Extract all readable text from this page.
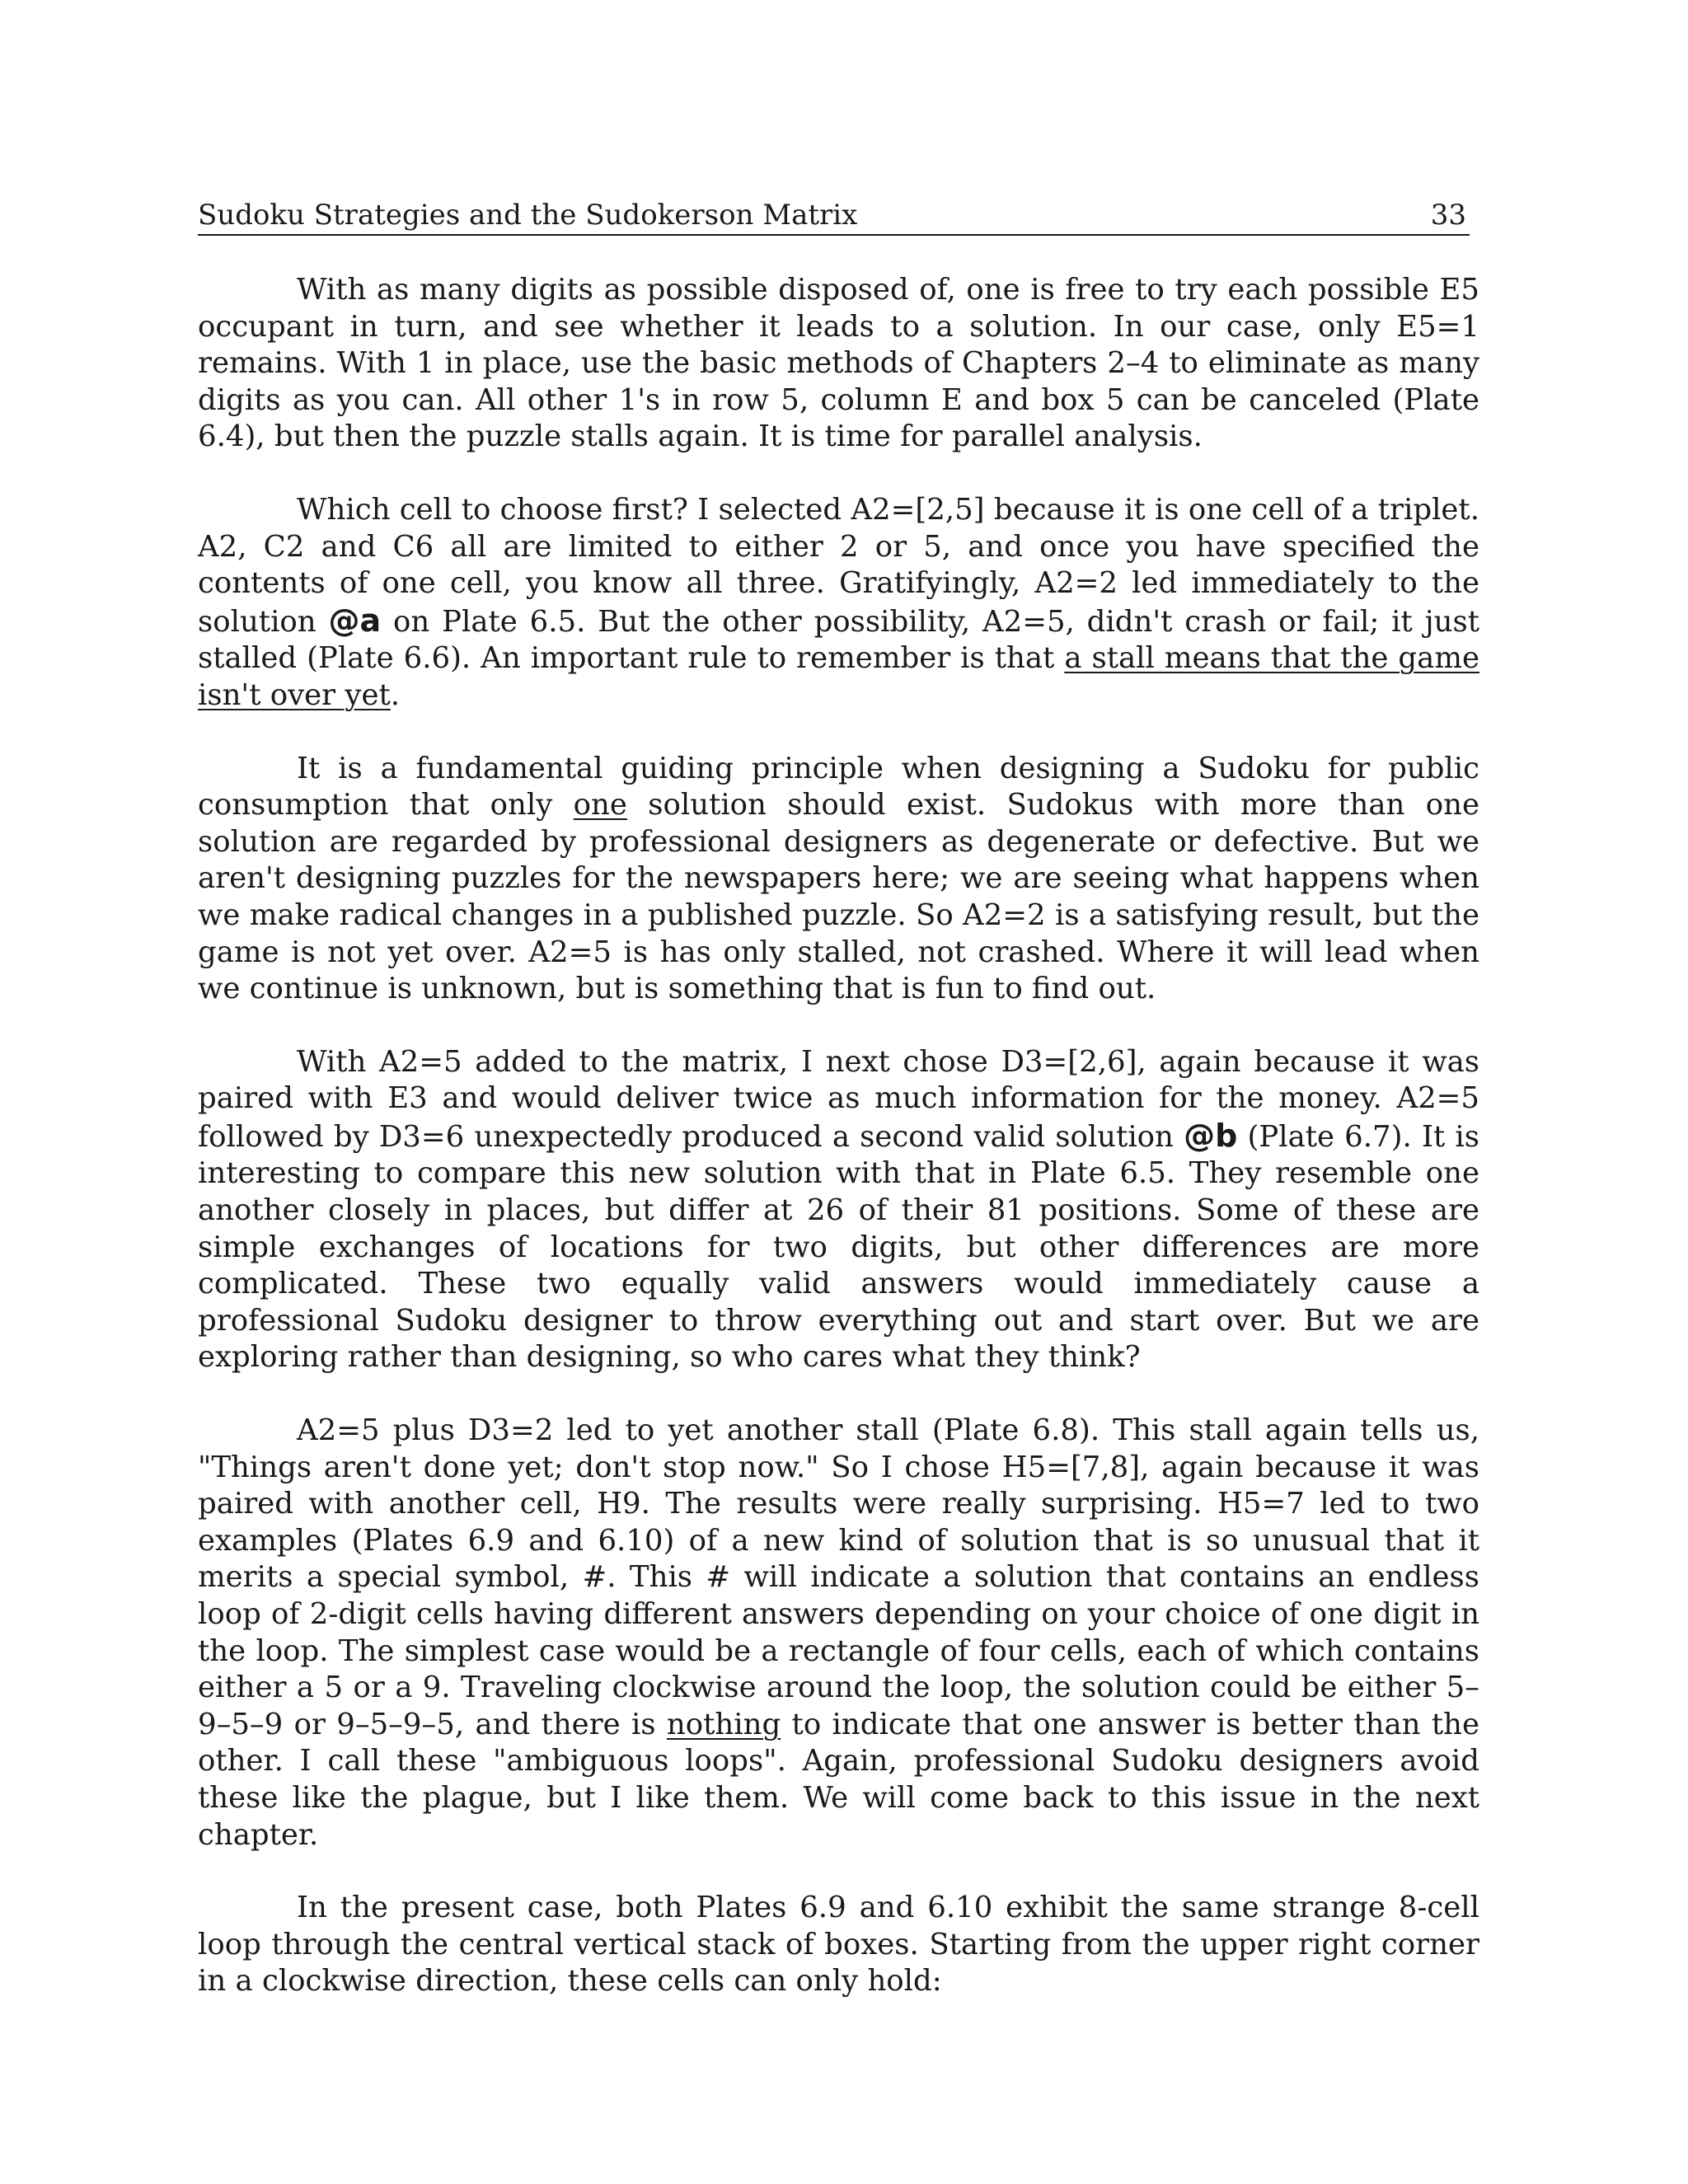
Sudoku Strategies and the Sudokerson Matrix	33

With as many digits as possible disposed of, one is free to try each possible E5 occupant in turn, and see whether it leads to a solution. In our case, only E5=1 remains. With 1 in place, use the basic methods of Chapters 2–4 to eliminate as many digits as you can. All other 1's in row 5, column E and box 5 can be canceled (Plate 6.4), but then the puzzle stalls again. It is time for parallel analysis.

Which cell to choose first? I selected A2=[2,5] because it is one cell of a triplet. A2, C2 and C6 all are limited to either 2 or 5, and once you have specified the contents of one cell, you know all three. Gratifyingly, A2=2 led immediately to the solution @a on Plate 6.5. But the other possibility, A2=5, didn't crash or fail; it just stalled (Plate 6.6). An important rule to remember is that a stall means that the game isn't over yet.

It is a fundamental guiding principle when designing a Sudoku for public consumption that only one solution should exist. Sudokus with more than one solution are regarded by professional designers as degenerate or defective. But we aren't designing puzzles for the newspapers here; we are seeing what happens when we make radical changes in a published puzzle. So A2=2 is a satisfying result, but the game is not yet over. A2=5 is has only stalled, not crashed. Where it will lead when we continue is unknown, but is something that is fun to find out.

With A2=5 added to the matrix, I next chose D3=[2,6], again because it was paired with E3 and would deliver twice as much information for the money. A2=5 followed by D3=6 unexpectedly produced a second valid solution @b (Plate 6.7). It is interesting to compare this new solution with that in Plate 6.5. They resemble one another closely in places, but differ at 26 of their 81 positions. Some of these are simple exchanges of locations for two digits, but other differences are more complicated. These two equally valid answers would immediately cause a professional Sudoku designer to throw everything out and start over. But we are exploring rather than designing, so who cares what they think?

A2=5 plus D3=2 led to yet another stall (Plate 6.8). This stall again tells us, "Things aren't done yet; don't stop now." So I chose H5=[7,8], again because it was paired with another cell, H9. The results were really surprising. H5=7 led to two examples (Plates 6.9 and 6.10) of a new kind of solution that is so unusual that it merits a special symbol, #. This # will indicate a solution that contains an endless loop of 2-digit cells having different answers depending on your choice of one digit in the loop. The simplest case would be a rectangle of four cells, each of which contains either a 5 or a 9. Traveling clockwise around the loop, the solution could be either 5–9–5–9 or 9–5–9–5, and there is nothing to indicate that one answer is better than the other. I call these "ambiguous loops". Again, professional Sudoku designers avoid these like the plague, but I like them. We will come back to this issue in the next chapter.

In the present case, both Plates 6.9 and 6.10 exhibit the same strange 8-cell loop through the central vertical stack of boxes. Starting from the upper right corner in a clockwise direction, these cells can only hold:
